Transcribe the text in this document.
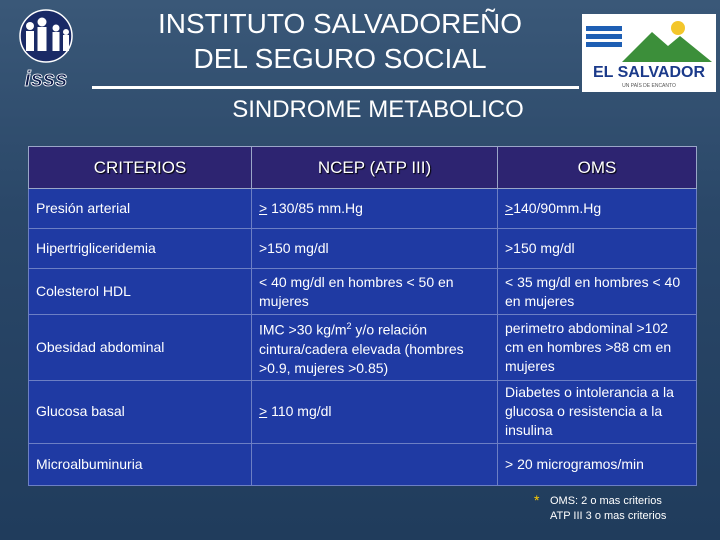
isss
INSTITUTO SALVADOREÑO
DEL SEGURO SOCIAL	EL SALVADOR
UN PAÍS DE ENCANTO
SINDROME METABOLICO
CRITERIOS	NCEP (ATP III)	OMS
Presión arterial	> 130/85 mm.Hg	>140/90mm.Hg
Hipertrigliceridemia	>150 mg/dl	>150 mg/dl
Colesterol HDL	< 40 mg/dl en hombres < 50 en mujeres	< 35 mg/dl en hombres < 40 en mujeres
Obesidad abdominal	IMC >30 $kg/m^2$ y/o relación cintura/cadera elevada (hombres >0.9, mujeres >0.85)	perimetro abdominal >102 cm en hombres >88 cm en mujeres
Glucosa basal	> 110 mg/dl	Diabetes o intolerancia a la glucosa o resistencia a la insulina
Microalbuminuria		> 20 microgramos/min
* OMS: 2 o mas criterios
ATP III 3 o mas criterios
